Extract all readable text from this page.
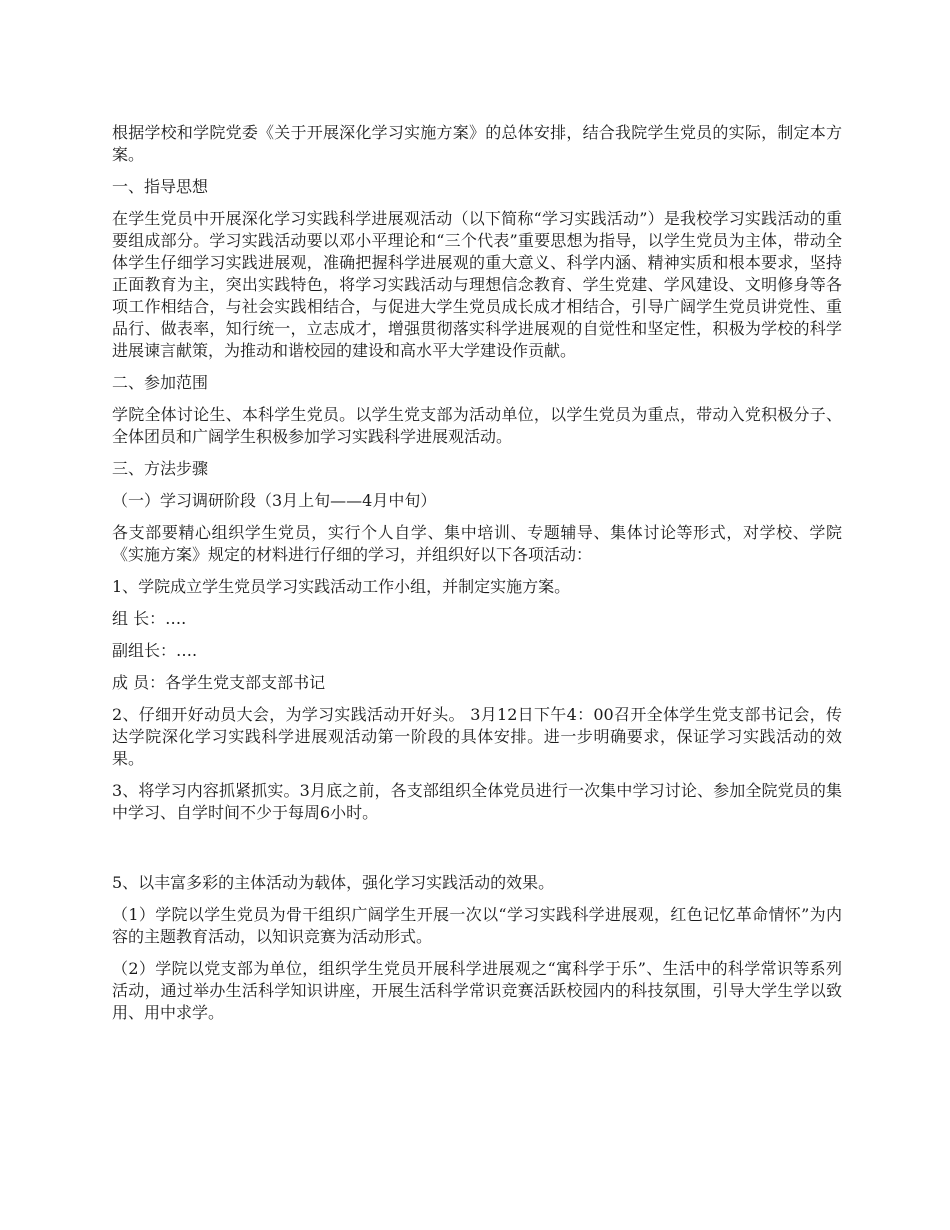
根据学校和学院党委《关于开展深化学习实施方案》的总体安排，结合我院学生党员的实际，制定本方案。

一、指导思想

在学生党员中开展深化学习实践科学进展观活动（以下简称“学习实践活动”）是我校学习实践活动的重要组成部分。学习实践活动要以邓小平理论和“三个代表”重要思想为指导，以学生党员为主体，带动全体学生仔细学习实践进展观，准确把握科学进展观的重大意义、科学内涵、精神实质和根本要求，坚持正面教育为主，突出实践特色，将学习实践活动与理想信念教育、学生党建、学风建设、文明修身等各项工作相结合，与社会实践相结合，与促进大学生党员成长成才相结合，引导广阔学生党员讲党性、重品行、做表率，知行统一，立志成才，增强贯彻落实科学进展观的自觉性和坚定性，积极为学校的科学进展谏言献策，为推动和谐校园的建设和高水平大学建设作贡献。

二、参加范围

学院全体讨论生、本科学生党员。以学生党支部为活动单位，以学生党员为重点，带动入党积极分子、全体团员和广阔学生积极参加学习实践科学进展观活动。

三、方法步骤

（一）学习调研阶段（3月上旬——4月中旬）

各支部要精心组织学生党员，实行个人自学、集中培训、专题辅导、集体讨论等形式，对学校、学院《实施方案》规定的材料进行仔细的学习，并组织好以下各项活动：

1、学院成立学生党员学习实践活动工作小组，并制定实施方案。

组 长：….

副组长：….

成 员：各学生党支部支部书记

2、仔细开好动员大会，为学习实践活动开好头。 3月12日下午4：00召开全体学生党支部书记会，传达学院深化学习实践科学进展观活动第一阶段的具体安排。进一步明确要求，保证学习实践活动的效果。

3、将学习内容抓紧抓实。3月底之前，各支部组织全体党员进行一次集中学习讨论、参加全院党员的集中学习、自学时间不少于每周6小时。

5、以丰富多彩的主体活动为载体，强化学习实践活动的效果。

（1）学院以学生党员为骨干组织广阔学生开展一次以“学习实践科学进展观，红色记忆革命情怀”为内容的主题教育活动，以知识竞赛为活动形式。

（2）学院以党支部为单位，组织学生党员开展科学进展观之“寓科学于乐”、生活中的科学常识等系列活动，通过举办生活科学知识讲座，开展生活科学常识竞赛活跃校园内的科技氛围，引导大学生学以致用、用中求学。
